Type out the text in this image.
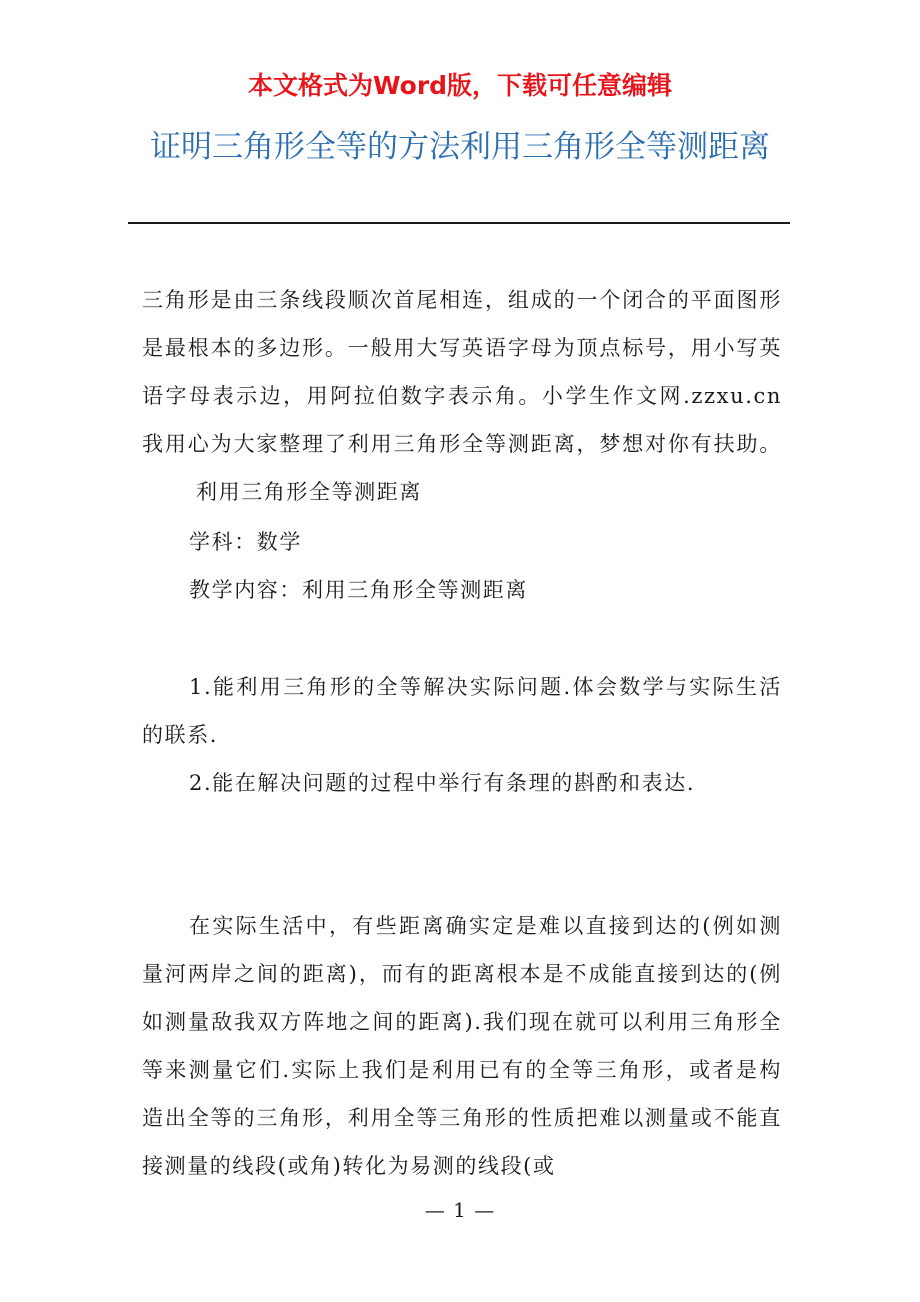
本文格式为Word版，下载可任意编辑
证明三角形全等的方法利用三角形全等测距离

三角形是由三条线段顺次首尾相连，组成的一个闭合的平面图形是最根本的多边形。一般用大写英语字母为顶点标号，用小写英语字母表示边，用阿拉伯数字表示角。小学生作文网.zzxu.cn 我用心为大家整理了利用三角形全等测距离，梦想对你有扶助。利用三角形全等测距离

学科：数学

教学内容：利用三角形全等测距离

1.能利用三角形的全等解决实际问题.体会数学与实际生活的联系.

2.能在解决问题的过程中举行有条理的斟酌和表达.

在实际生活中，有些距离确实定是难以直接到达的(例如测量河两岸之间的距离)，而有的距离根本是不成能直接到达的(例如测量敌我双方阵地之间的距离).我们现在就可以利用三角形全等来测量它们.实际上我们是利用已有的全等三角形，或者是构造出全等的三角形，利用全等三角形的性质把难以测量或不能直接测量的线段(或角)转化为易测的线段(或

— 1 —
